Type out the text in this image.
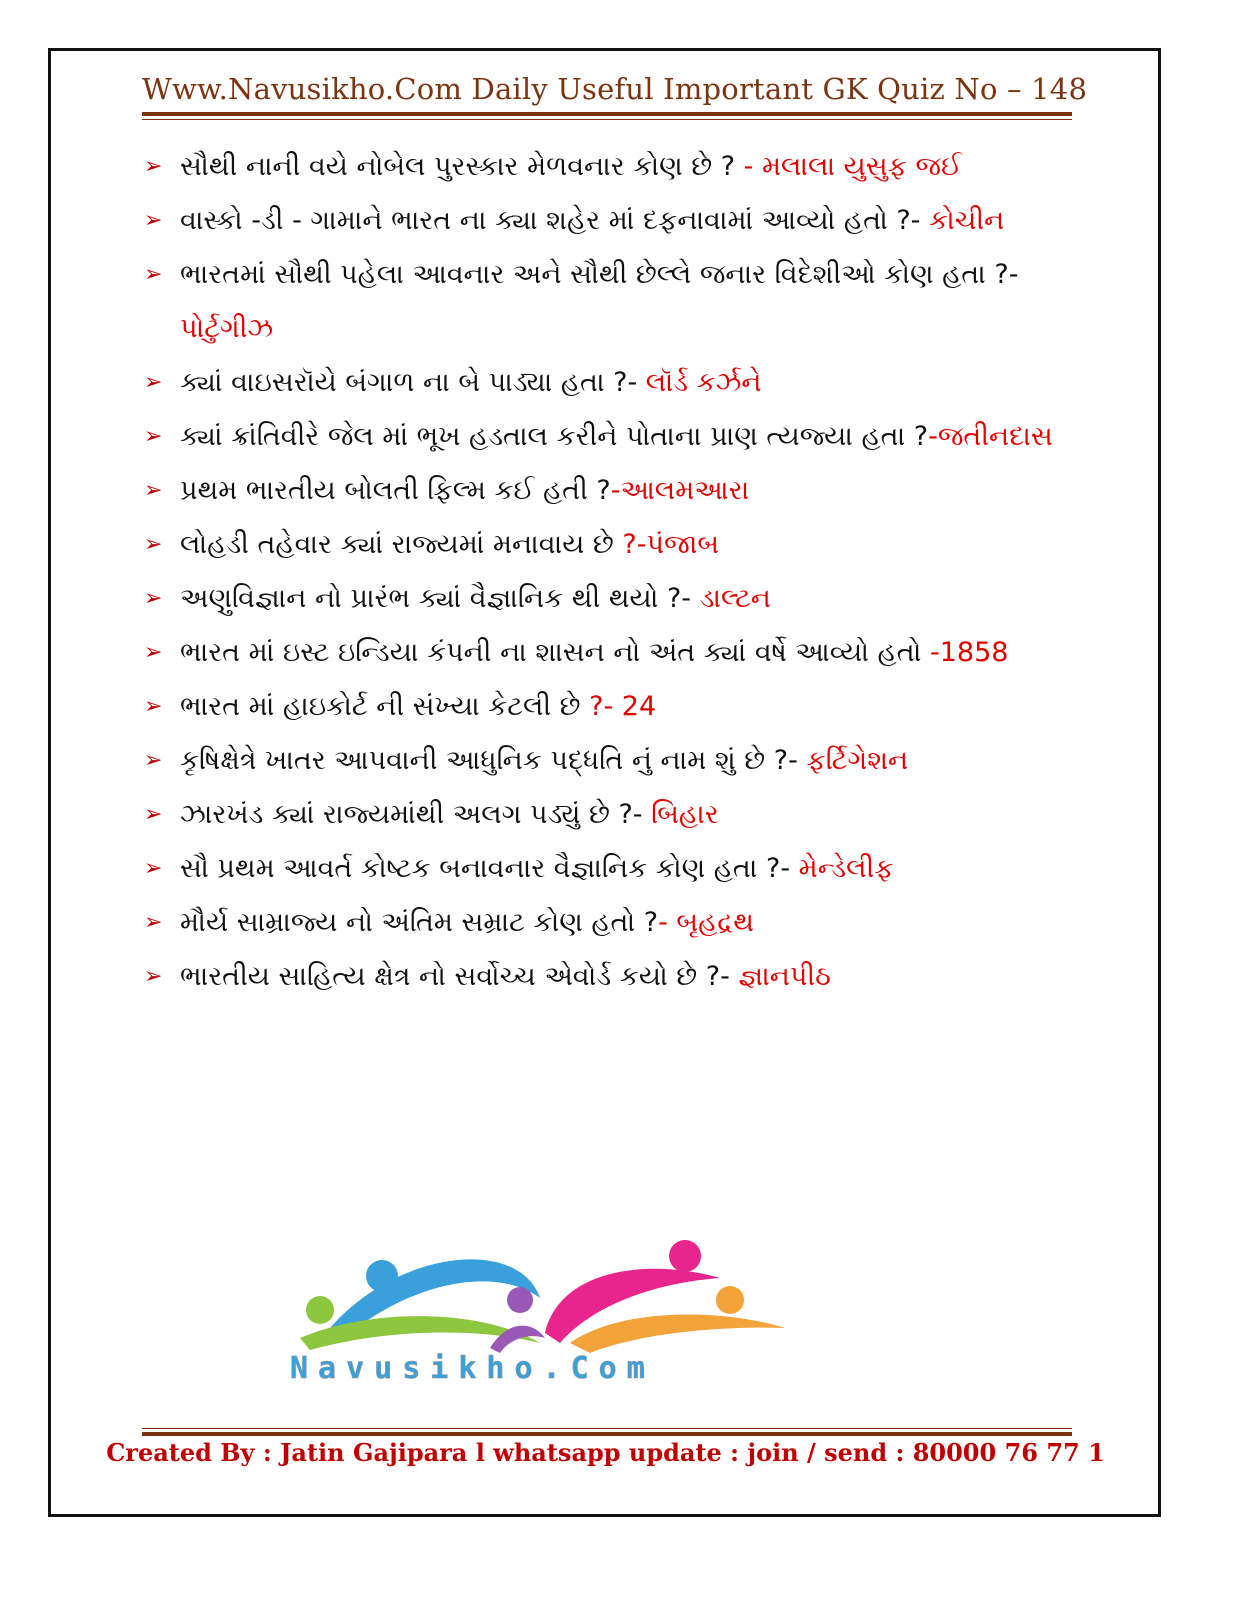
Www.Navusikho.Com Daily Useful Important GK Quiz No – 148
➢ સૌથી નાની વયે નોબેલ પુરસ્કાર મેળવનાર કોણ છે ? - મલાલા યુસુફ જઈ
➢ વાસ્કો -ડી - ગામાને ભારત ના ક્યા શહેર માં દફનાવામાં આવ્યો હતો ?- કોચીન
➢ ભારતમાં સૌથી પહેલા આવનાર અને સૌથી છેલ્લે જનાર વિદેશીઓ કોણ હતા ?- પોર્ટુગીઝ
➢ ક્યાં વાઇસરૉયે બંગાળ ના બે પાડ્યા હતા ?- લૉર્ડ કર્ઝને
➢ ક્યાં ક્રાંતિવીરે જેલ માં ભૂખ હડતાલ કરીને પોતાના પ્રાણ ત્યજ્યા હતા ?-જતીનદાસ
➢ પ્રથમ ભારતીય બોલતી ફિલ્મ કઈ હતી ?-આલમઆરા
➢ લોહડી તહેવાર ક્યાં રાજ્યમાં મનાવાય છે ?-પંજાબ
➢ અણુવિજ્ઞાન નો પ્રારંભ ક્યાં વૈજ્ઞાનિક થી થયો ?- ડાલ્ટન
➢ ભારત માં ઇસ્ટ ઇન્ડિયા કંપની ના શાસન નો અંત ક્યાં વર્ષે આવ્યો હતો -1858
➢ ભારત માં હાઇકોર્ટ ની સંખ્યા કેટલી છે ?- 24
➢ કૃષિક્ષેત્રે ખાતર આપવાની આધુનિક પદ્ધતિ નું નામ શું છે ?- ફર્ટિગેશન
➢ ઝારખંડ ક્યાં રાજ્યમાંથી અલગ પડ્યું છે ?- બિહાર
➢ સૌ પ્રથમ આવર્ત કોષ્ટક બનાવનાર વૈજ્ઞાનિક કોણ હતા ?- મેન્ડેલીફ
➢ મૌર્ય સામ્રાજ્ય નો અંતિમ સમ્રાટ કોણ હતો ?- બૃહદ્રથ
➢ ભારતીય સાહિત્ય ક્ષેત્ર નો સર્વોચ્ચ એવોર્ડ કયો છે ?- જ્ઞાનપીઠ
Navusikho.Com
Created By : Jatin Gajipara l whatsapp update : join / send : 80000 76 77 1
